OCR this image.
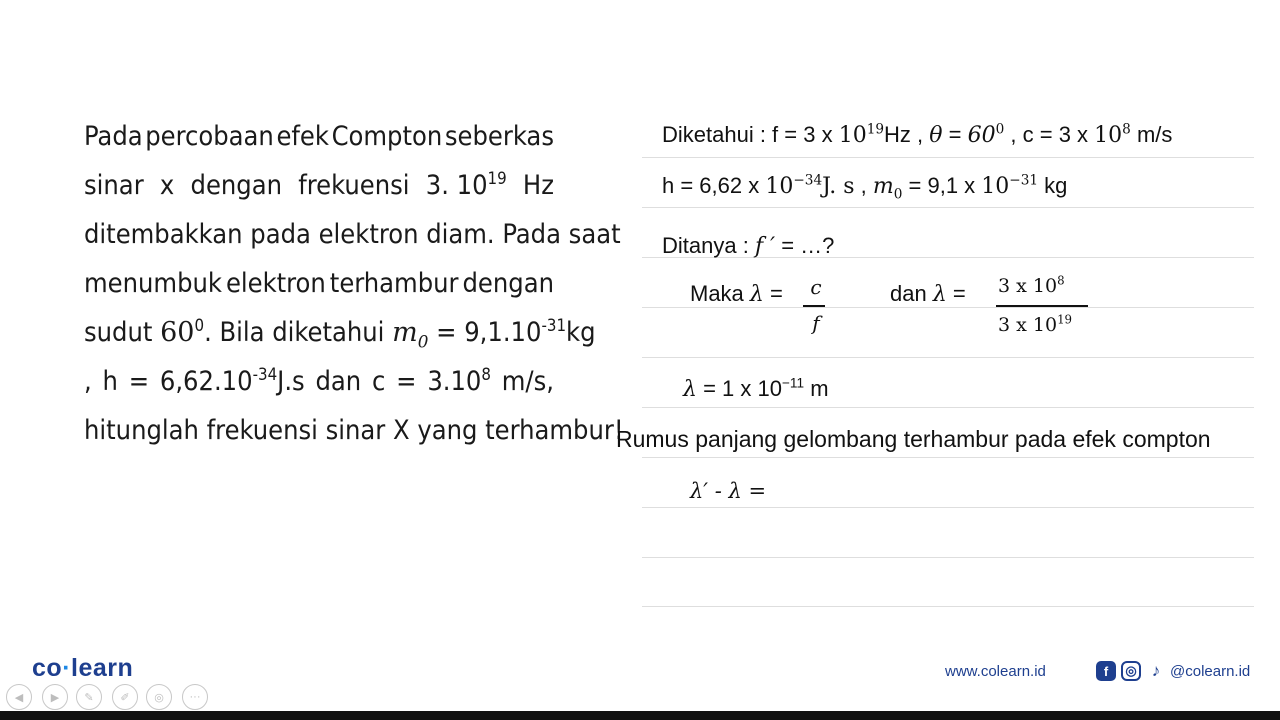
Pada percobaan efek Compton seberkas
sinar x dengan frekuensi 3. $10^{19}$ Hz
ditembakkan pada elektron diam. Pada saat
menumbuk elektron terhambur dengan
sudut
$60^0$ . Bila diketahui
$m_0$
= $9,1.10^{-31}$ kg
, $h = 6,62.10^{-34}J.s$ dan $c = 3.10^8$ m/s,
hitunglah frekuensi sinar X yang terhambur!
Diketahui : f = 3 x $10^{19}Hz$ , $\theta = 60^0$ , c = 3 x $10^8$ m/s
h = 6,62 x $10^{-34}J$. s , $m_0 = 9,1$ x $10^{-31}$ kg
Ditanya : f ′ = …?
Maka λ = c
f
dan λ = 3 x $10^8$
3 x $10^{19}$
λ = 1 x $10^{-11}$ m
Rumus panjang gelombang terhambur pada efek compton
λ′ - λ =
co·learn
◀	▶	✎	✐	◎	···
www.colearn.id	f	◎ ♪ @colearn.id
